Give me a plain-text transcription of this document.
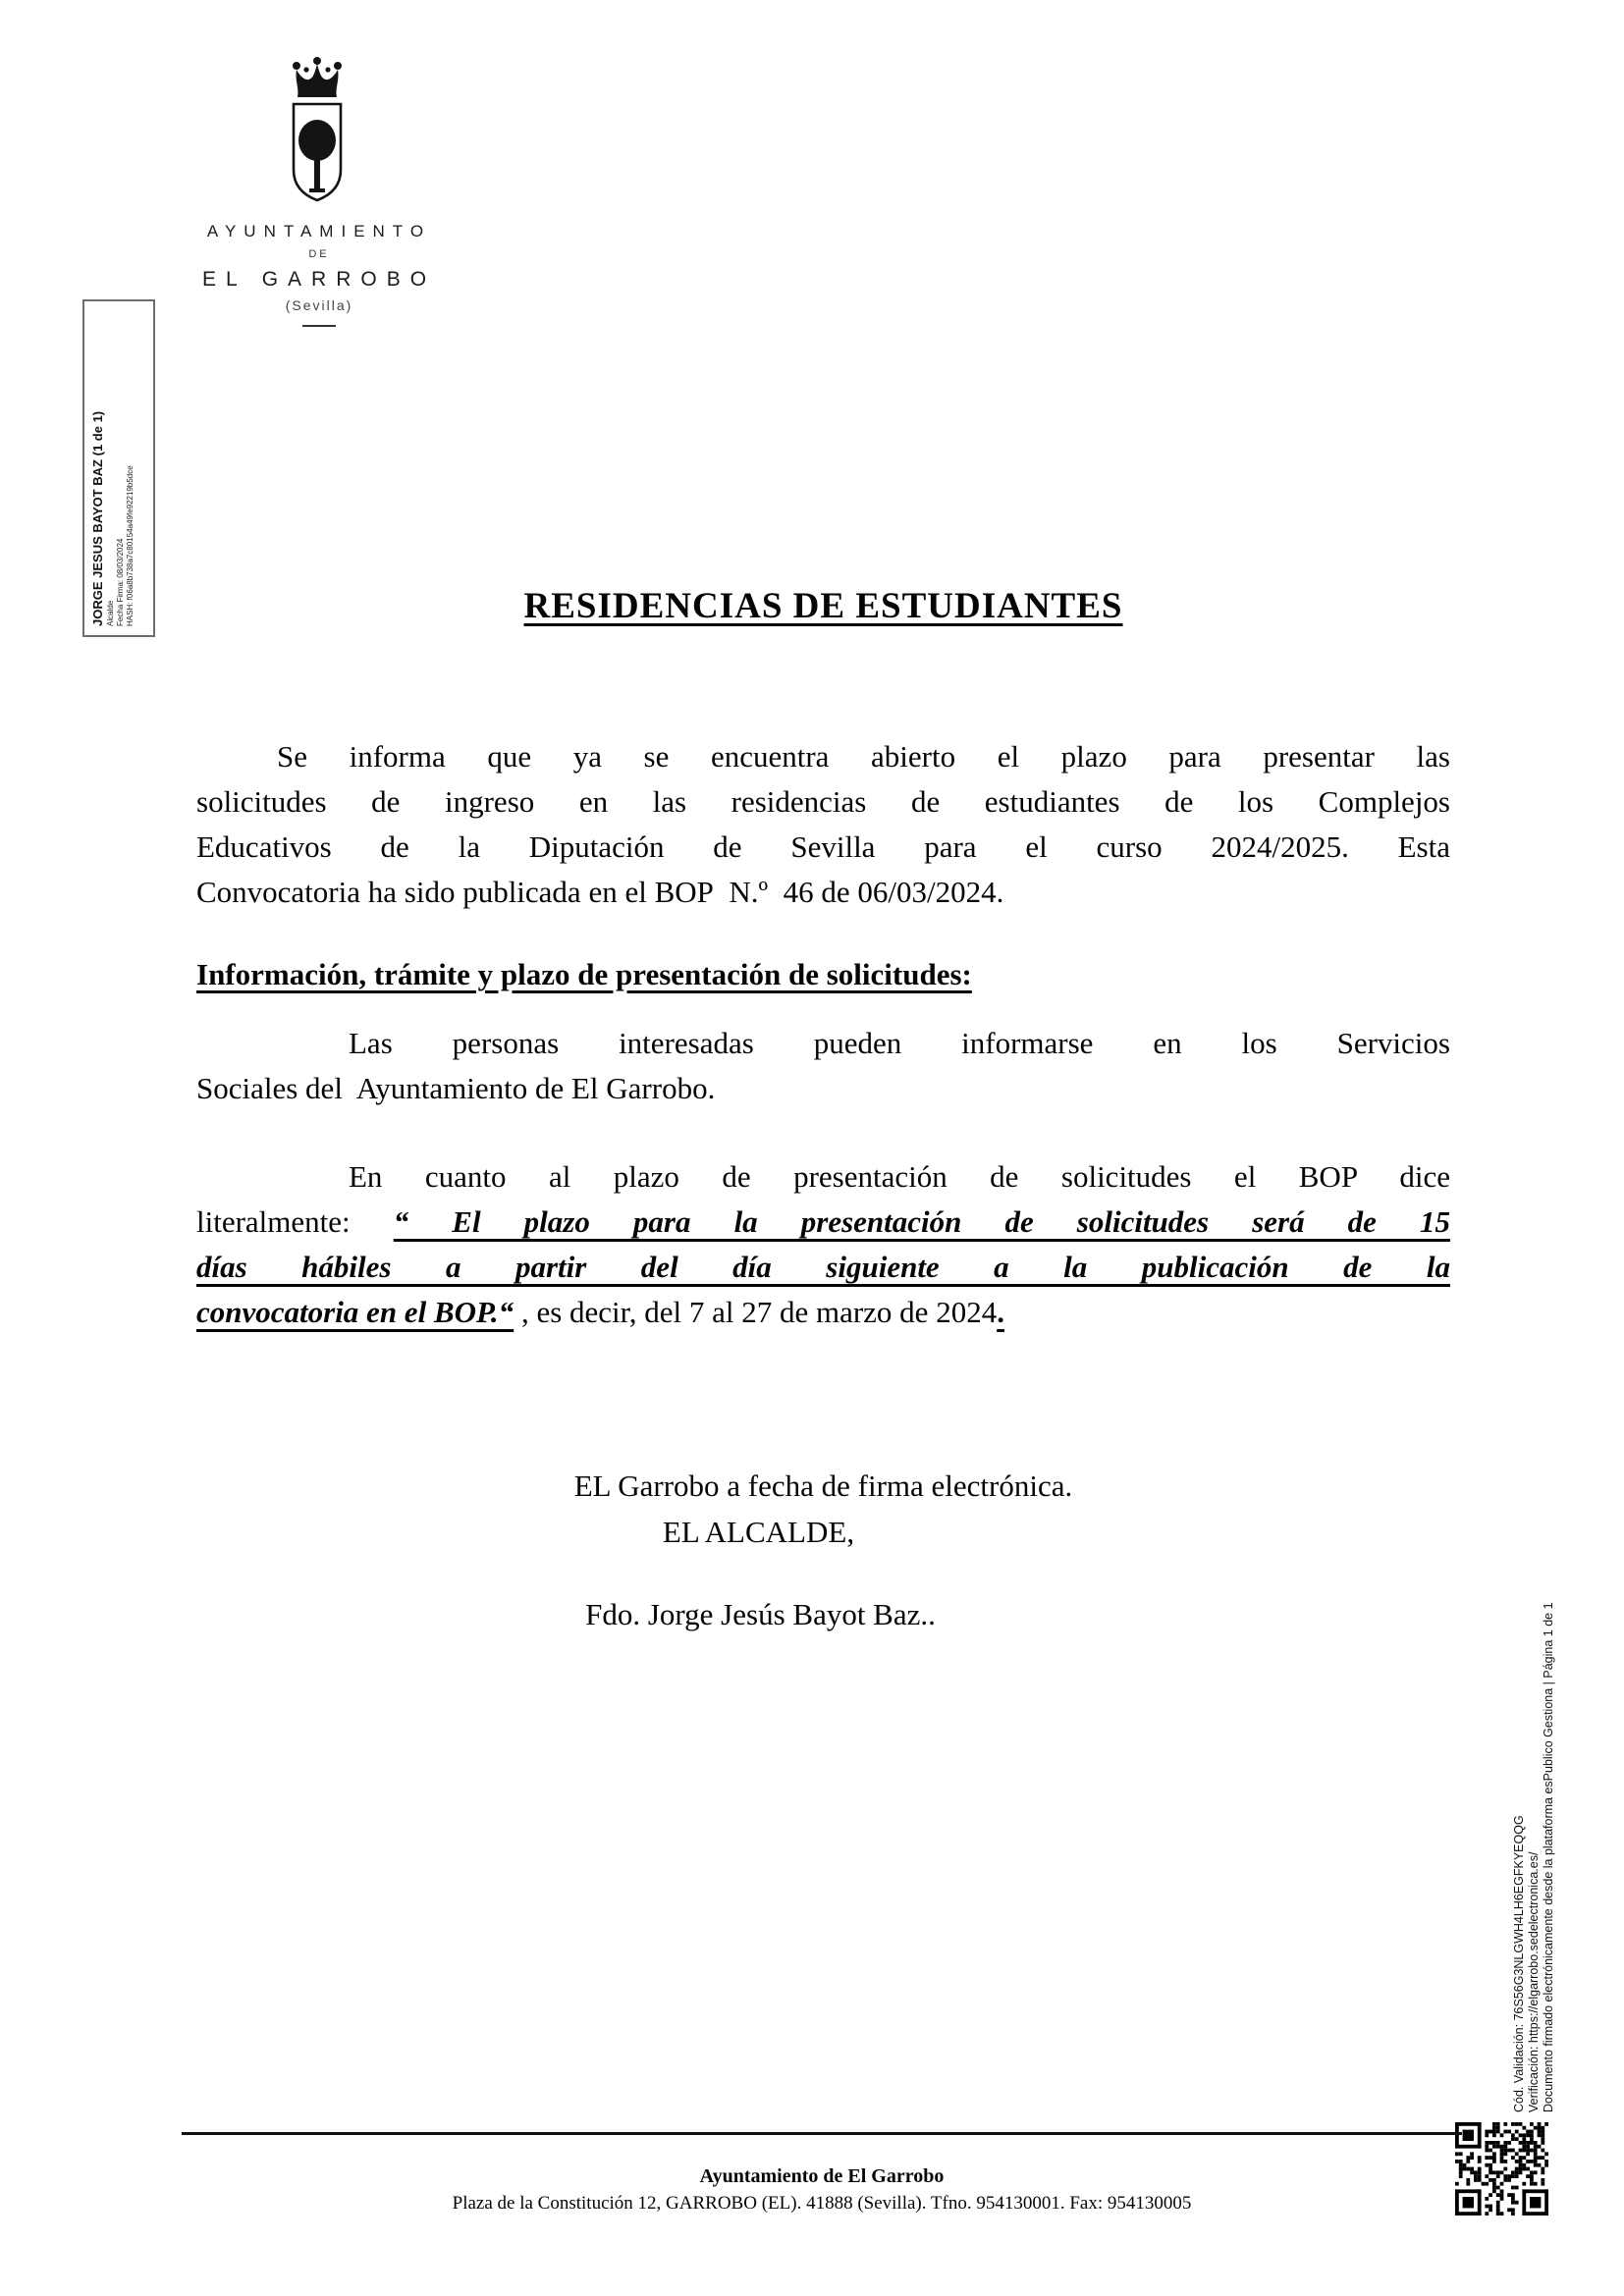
AYUNTAMIENTO
DE
EL GARROBO
(Sevilla)
JORGE JESUS BAYOT BAZ (1 de 1) Alcalde Fecha Firma: 08/03/2024 HASH: f06a8b738a7c80154a49fe92219b5dce	RESIDENCIAS DE ESTUDIANTES
Se informa que ya se encuentra abierto el plazo para presentar las
solicitudes de ingreso en las residencias de estudiantes de los Complejos
Educativos de la Diputación de Sevilla para el curso 2024/2025. Esta
Convocatoria ha sido publicada en el BOP  N.º  46 de 06/03/2024.
Información, trámite y plazo de presentación de solicitudes:
Las personas interesadas pueden informarse en los Servicios
Sociales del  Ayuntamiento de El Garrobo.
En cuanto al plazo de presentación de solicitudes el BOP dice
literalmente: “ El plazo para la presentación de solicitudes será de 15
días hábiles a partir del día siguiente a la publicación de la
convocatoria en el BOP.“ , es decir, del 7 al 27 de marzo de 2024.
EL Garrobo a fecha de firma electrónica.
EL ALCALDE,
Fdo. Jorge Jesús Bayot Baz..
Cód. Validación: 76S56G3NLGWH4LH6EGFKYEQQG Verificación: https://elgarrobo.sedelectronica.es/ Documento firmado electrónicamente desde la plataforma esPublico Gestiona | Página 1 de 1
Ayuntamiento de El Garrobo
Plaza de la Constitución 12, GARROBO (EL). 41888 (Sevilla). Tfno. 954130001. Fax: 954130005
